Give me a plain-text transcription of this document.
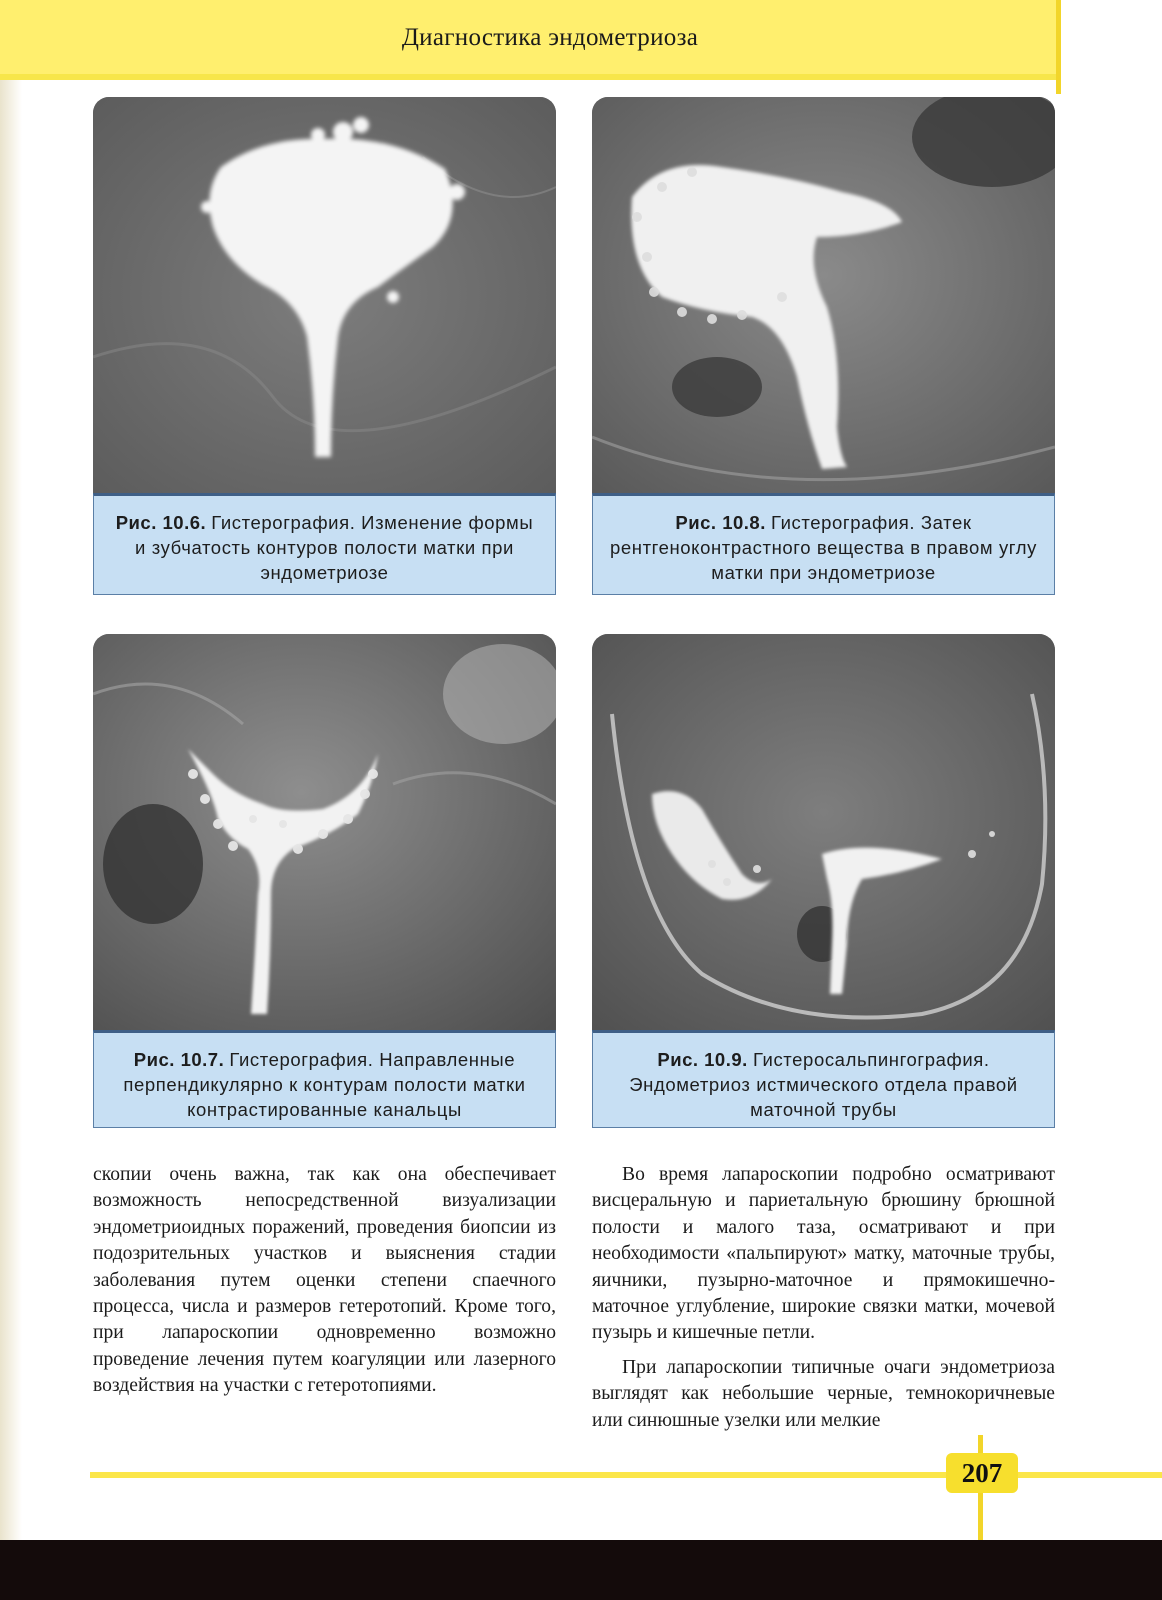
Диагностика эндометриоза
Рис. 10.6. Гистерография. Изменение формы и зубчатость контуров полости матки при эндометриозе
Рис. 10.8. Гистерография. Затек рентгеноконтрастного вещества в правом углу матки при эндометриозе
Рис. 10.7. Гистерография. Направленные перпендикулярно к контурам полости матки контрастированные канальцы
Рис. 10.9. Гистеросальпингография. Эндометриоз истмического отдела правой маточной трубы

скопии очень важна, так как она обеспечивает возможность непосредственной визуализации эндометриоидных поражений, проведения биопсии из подозрительных участков и выяснения стадии заболевания путем оценки степени спаечного процесса, числа и размеров гетеротопий. Кроме того, при лапароскопии одновременно возможно проведение лечения путем коагуляции или лазерного воздействия на участки с гетеротопиями.

Во время лапароскопии подробно осматривают висцеральную и париетальную брюшину брюшной полости и малого таза, осматривают и при необходимости «пальпируют» матку, маточные трубы, яичники, пузырно-маточное и прямокишечно-маточное углубление, широкие связки матки, мочевой пузырь и кишечные петли.

При лапароскопии типичные очаги эндометриоза выглядят как небольшие черные, темнокоричневые или синюшные узелки или мелкие

207
